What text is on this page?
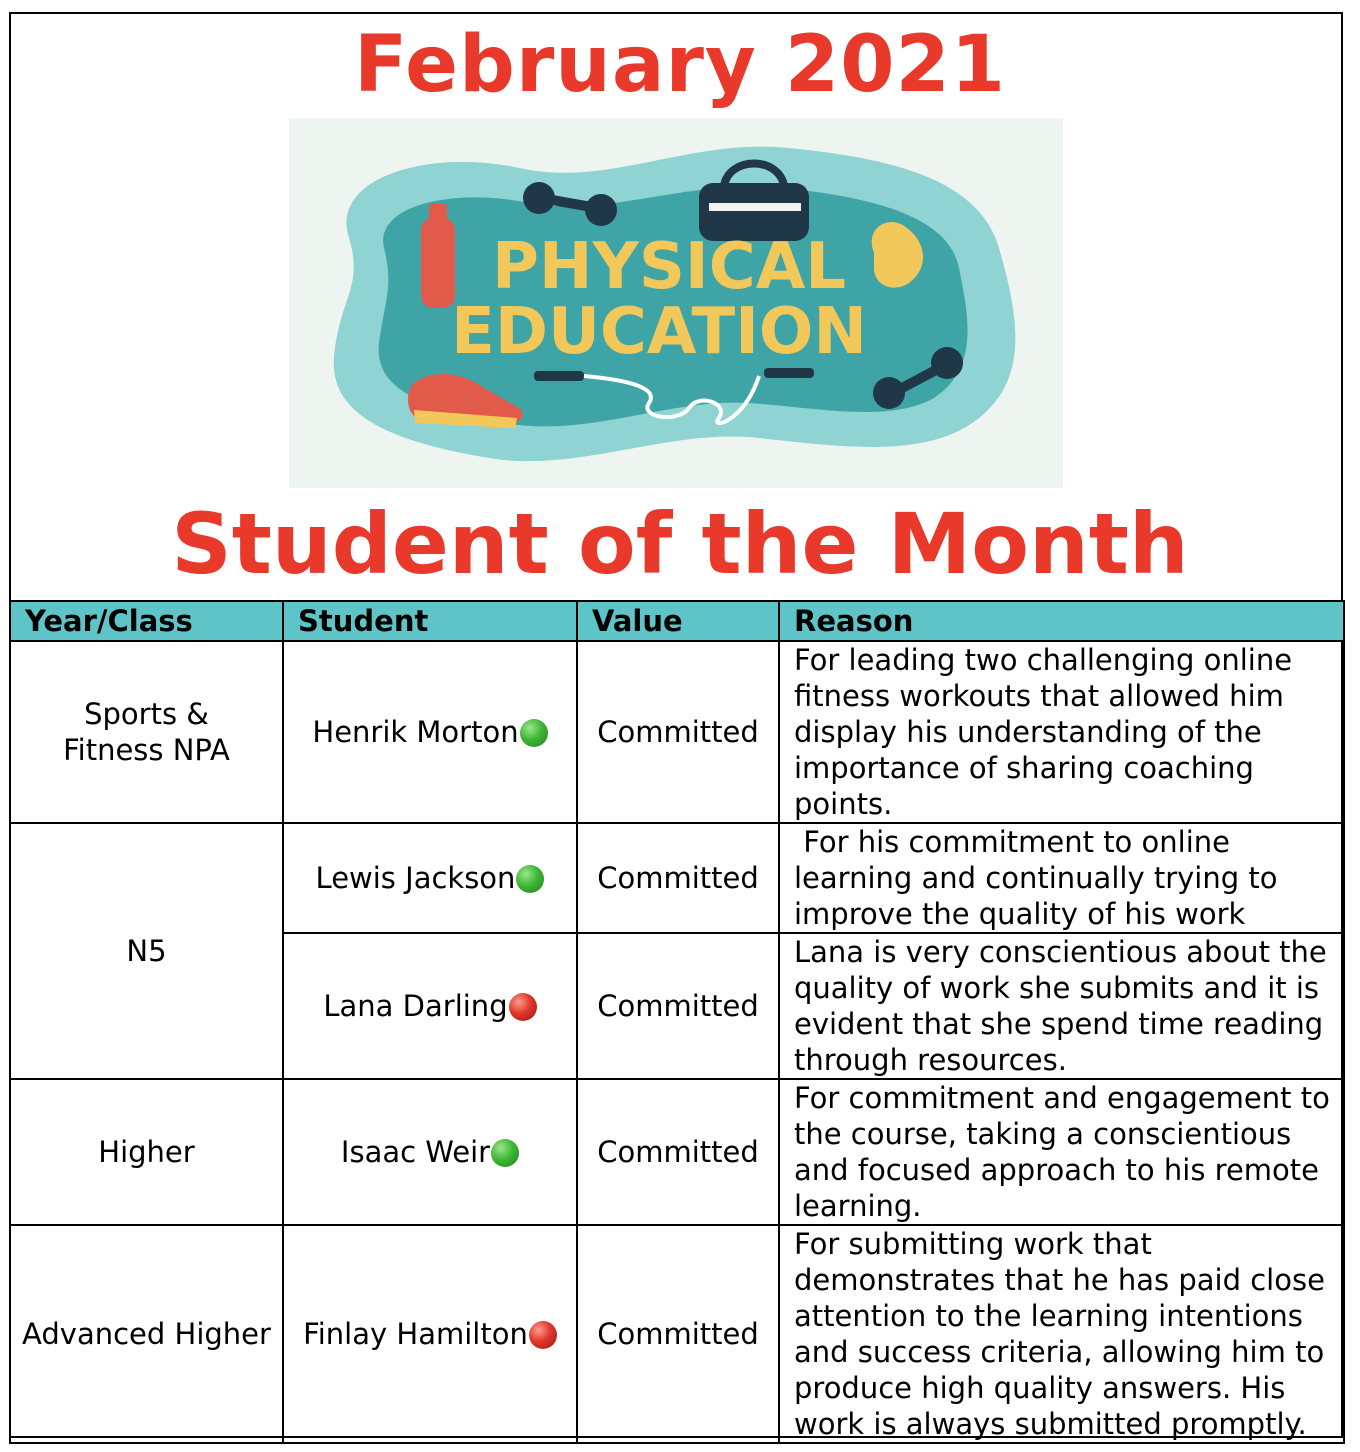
February 2021
PHYSICAL
EDUCATION
Student of the Month
Year/Class	Student	Value	Reason
Sports & Fitness NPA	Henrik Morton	Committed	For leading two challenging online fitness workouts that allowed him display his understanding of the importance of sharing coaching points.
N5	Lewis Jackson	Committed	For his commitment to online learning and continually trying to improve the quality of his work
	Lana Darling	Committed	Lana is very conscientious about the quality of work she submits and it is evident that she spend time reading through resources.
Higher	Isaac Weir	Committed	For commitment and engagement to the course, taking a conscientious and focused approach to his remote learning.
Advanced Higher	Finlay Hamilton	Committed	For submitting work that demonstrates that he has paid close attention to the learning intentions and success criteria, allowing him to produce high quality answers. His work is always submitted promptly.
